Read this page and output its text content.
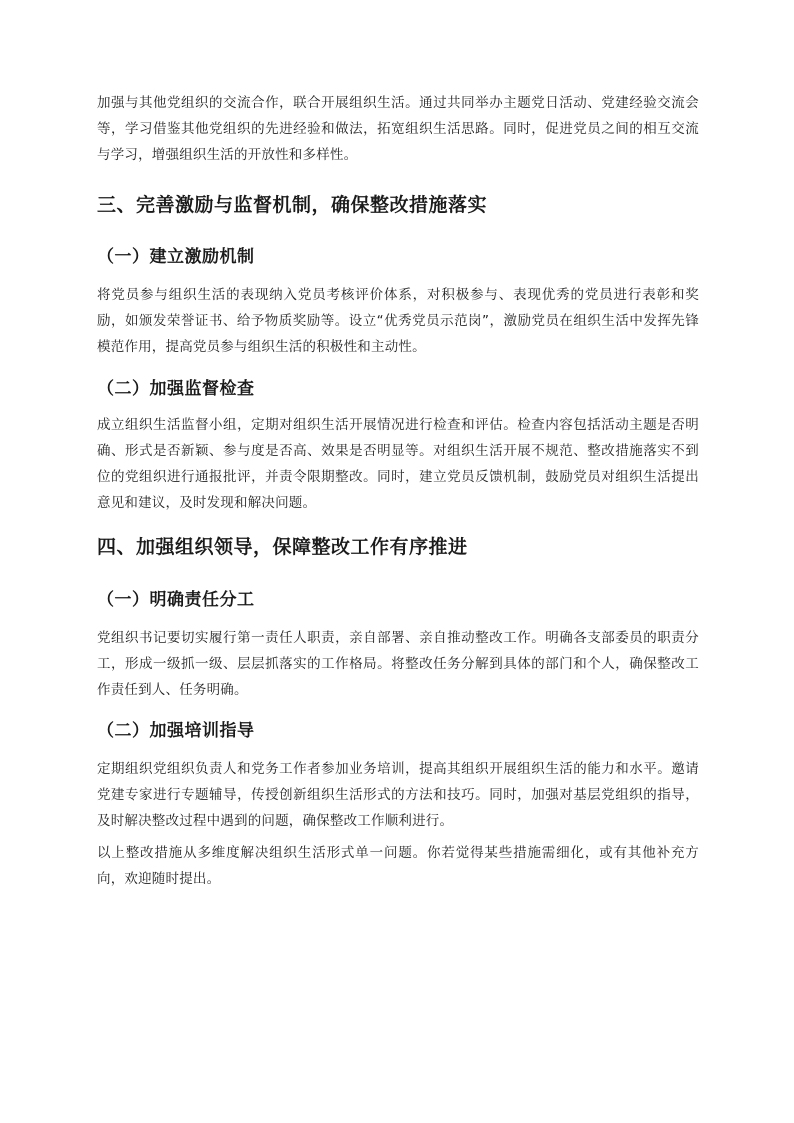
加强与其他党组织的交流合作，联合开展组织生活。通过共同举办主题党日活动、党建经验交流会等，学习借鉴其他党组织的先进经验和做法，拓宽组织生活思路。同时，促进党员之间的相互交流与学习，增强组织生活的开放性和多样性。

三、完善激励与监督机制，确保整改措施落实
（一）建立激励机制

将党员参与组织生活的表现纳入党员考核评价体系，对积极参与、表现优秀的党员进行表彰和奖励，如颁发荣誉证书、给予物质奖励等。设立“优秀党员示范岗”，激励党员在组织生活中发挥先锋模范作用，提高党员参与组织生活的积极性和主动性。

（二）加强监督检查

成立组织生活监督小组，定期对组织生活开展情况进行检查和评估。检查内容包括活动主题是否明确、形式是否新颖、参与度是否高、效果是否明显等。对组织生活开展不规范、整改措施落实不到位的党组织进行通报批评，并责令限期整改。同时，建立党员反馈机制，鼓励党员对组织生活提出意见和建议，及时发现和解决问题。

四、加强组织领导，保障整改工作有序推进
（一）明确责任分工

党组织书记要切实履行第一责任人职责，亲自部署、亲自推动整改工作。明确各支部委员的职责分工，形成一级抓一级、层层抓落实的工作格局。将整改任务分解到具体的部门和个人，确保整改工作责任到人、任务明确。

（二）加强培训指导

定期组织党组织负责人和党务工作者参加业务培训，提高其组织开展组织生活的能力和水平。邀请党建专家进行专题辅导，传授创新组织生活形式的方法和技巧。同时，加强对基层党组织的指导，及时解决整改过程中遇到的问题，确保整改工作顺利进行。

以上整改措施从多维度解决组织生活形式单一问题。你若觉得某些措施需细化，或有其他补充方向，欢迎随时提出。
